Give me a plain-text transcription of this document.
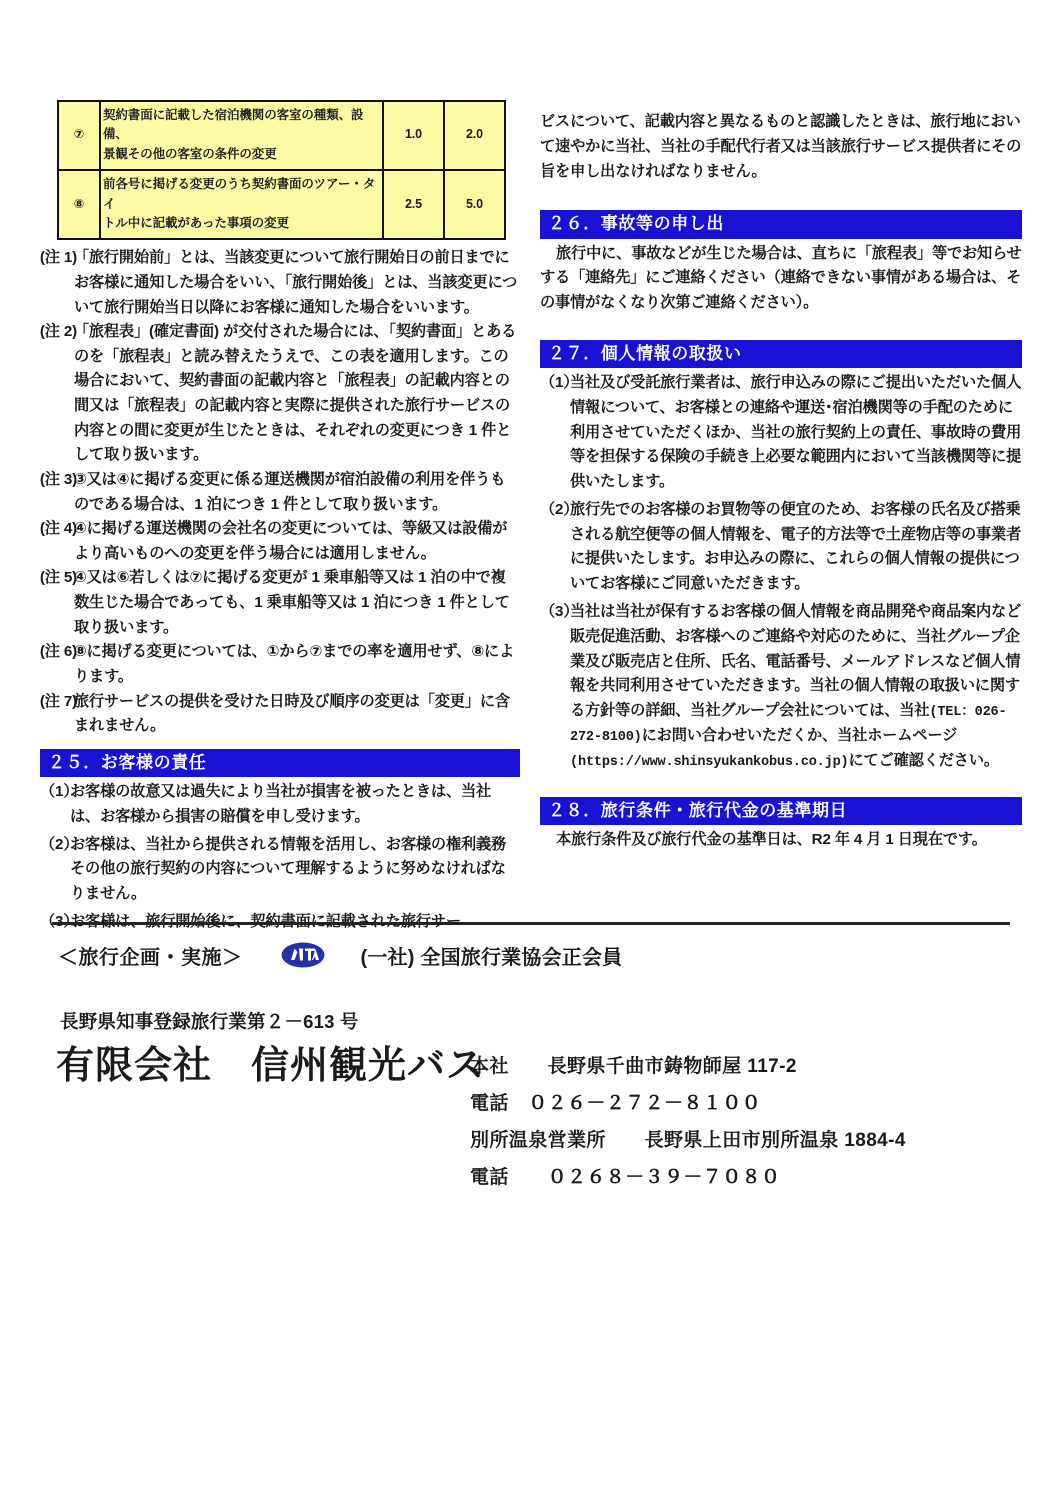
⑦	契約書面に記載した宿泊機関の客室の種類、設備、
景観その他の客室の条件の変更	1.0	2.0
⑧	前各号に掲げる変更のうち契約書面のツアー・タイ
トル中に記載があった事項の変更	2.5	5.0
(注 1)
「旅行開始前」とは、当該変更について旅行開始日の前日までにお客様に通知した場合をいい、「旅行開始後」とは、当該変更について旅行開始当日以降にお客様に通知した場合をいいます。
(注 2)
「旅程表」(確定書面) が交付された場合には、「契約書面」とあるのを「旅程表」と読み替えたうえで、この表を適用します。この場合において、契約書面の記載内容と「旅程表」の記載内容との間又は「旅程表」の記載内容と実際に提供された旅行サービスの内容との間に変更が生じたときは、それぞれの変更につき 1 件として取り扱います。
(注 3)
③又は④に掲げる変更に係る運送機関が宿泊設備の利用を伴うものである場合は、1 泊につき 1 件として取り扱います。
(注 4)
④に掲げる運送機関の会社名の変更については、等級又は設備がより高いものへの変更を伴う場合には適用しません。
(注 5)
④又は⑥若しくは⑦に掲げる変更が 1 乗車船等又は 1 泊の中で複数生じた場合であっても、1 乗車船等又は 1 泊につき 1 件として取り扱います。
(注 6)
⑧に掲げる変更については、①から⑦までの率を適用せず、⑧によります。
(注 7)
旅行サービスの提供を受けた日時及び順序の変更は「変更」に含まれません。
２５．お客様の責任
（1）
お客様の故意又は過失により当社が損害を被ったときは、当社は、お客様から損害の賠償を申し受けます。
（2）
お客様は、当社から提供される情報を活用し、お客様の権利義務その他の旅行契約の内容について理解するように努めなければなりません。
（3）
お客様は、旅行開始後に、契約書面に記載された旅行サー
ビスについて、記載内容と異なるものと認識したときは、旅行地において速やかに当社、当社の手配代行者又は当該旅行サービス提供者にその旨を申し出なければなりません。
２６．事故等の申し出
旅行中に、事故などが生じた場合は、直ちに「旅程表」等でお知らせする「連絡先」にご連絡ください（連絡できない事情がある場合は、その事情がなくなり次第ご連絡ください）。
２７．個人情報の取扱い
（1）
当社及び受託旅行業者は、旅行申込みの際にご提出いただいた個人情報について、お客様との連絡や運送･宿泊機関等の手配のために利用させていただくほか、当社の旅行契約上の責任、事故時の費用等を担保する保険の手続き上必要な範囲内において当該機関等に提供いたします。
（2）
旅行先でのお客様のお買物等の便宜のため、お客様の氏名及び搭乗される航空便等の個人情報を、電子的方法等で土産物店等の事業者に提供いたします。お申込みの際に、これらの個人情報の提供についてお客様にご同意いただきます。
（3）
当社は当社が保有するお客様の個人情報を商品開発や商品案内など販売促進活動、お客様へのご連絡や対応のために、当社グループ企業及び販売店と住所、氏名、電話番号、メールアドレスなど個人情報を共同利用させていただきます。当社の個人情報の取扱いに関する方針等の詳細、当社グループ会社については、当社(TEL：026-272-8100)にお問い合わせいただくか、当社ホームページ(https://www.shinsyukankobus.co.jp)にてご確認ください。
２８．旅行条件・旅行代金の基準期日
本旅行条件及び旅行代金の基準日は、R2 年 4 月 1 日現在です。
＜旅行企画・実施＞	(一社) 全国旅行業協会正会員
長野県知事登録旅行業第２－613 号
有限会社　信州観光バス
本社　　長野県千曲市鋳物師屋 117-2
電話　０２６－２７２－８１００
別所温泉営業所　　長野県上田市別所温泉 1884-4
電話　　０２６８－３９－７０８０
